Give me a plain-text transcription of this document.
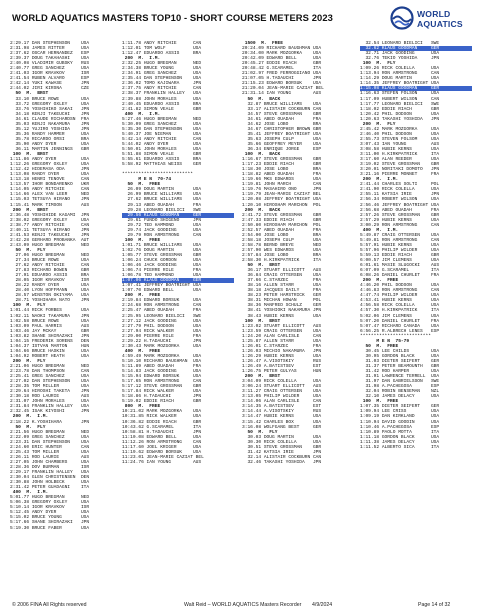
WORLD AQUATICS MASTERS TOP10 - SHORT COURSE METERS 2023	WORLD
AQUATICS
2:29.17 DAN STEPHENSON    USA
2:31.98 JAMES RITTER      USA
2:37.62 OSCAR HERNANDEZ   ESP
2:39.37 DOUG TAKAHASHI    USA
2:40.08 VLADIMIR GUBSKY   RUS
2:40.77 GREG SANCHEZ      USA
2:41.03 IGOR KRAVKOV      ISR
2:41.54 RUBEN ALVARO      ESP
2:42.14 YUKI KAWASE       JPN
2:44.02 JIRI KIRSNA       CZE
50  M.  BRST
33.10 BRUCE ROWE        USA
33.72 GREGORY OXLEY     USA
33.76 YOSHIHIKO SAKAI   JPN
34.18 KENJI TAKEUCHI    JPN
34.61 CLAUDE RICHARDSN  FRA
35.03 KENJI NAKAMURA    JPN
35.12 YUJIRO YOSHIDA    JPN
35.36 RANDY HAMMER      USA
35.78 RICARDO ORSI      BRA
35.90 ANDY DYER         USA
36.11 MARTIN JENNINGS   GBR
100  M.  BRST
1:11.86 ANDY DYER         USA
1:12.26 GREGORY OXLEY     USA
1:12.42 HIDEMASA ODA      JPN
1:13.08 RANDY DYER        USA
1:13.18 HENRI TENOVE      CAN
1:13.57 IHOR BONDARENKO   UKR
1:14.05 ANDY RITCHIE      CAN
1:14.66 ALEX VAN LEER     NED
1:15.03 TETSUYA HIRANO    JPN
1:15.41 MARK TIMSON       AUS
200  M.  BRST
2:36.48 YOSHIHIDE KAGAMI  JPN
2:38.02 GREGORY OXLEY     USA
2:38.77 ANDY RITCHIE      CAN
2:40.11 TETSUYA HIRANO    JPN
2:41.53 KENJI TAKEUCHI    JPN
2:42.28 GERHARD PROBANKA  AUT
2:43.09 HUGO BREGMAN      NED
50  M.  FLY
27.06 HUGO BREGMAN      NED
27.34 BRUCE ROWE        USA
27.62 ANDY RITCHIE      CAN
27.83 RICHARD BOWEN     GBR
27.91 EDUARDO ASSIS     BRA
28.05 IGOR KRAVKOV      ISR
28.22 RANDY DYER        USA
28.40 LYON HOFFMANN     USA
28.57 WINSTON OKIYAMA   USA
28.71 YOSHIHARA NATO    JPN
100  M.  FLY
1:01.44 RICK FORBES       USA
1:02.11 NAOKI TAKAMURA    JPN
1:02.58 BRUCE ROWE        USA
1:03.09 PAUL HARRIS       AUS
1:03.46 JAY MCKAY         GBR
1:03.82 SHANE SHIRAZAKI   JPN
1:04.15 FREDERIK SORENS   DEN
1:04.37 ISTVAN MARTON     HUN
1:04.66 BRUCE HASKIN      USA
1:04.92 ROBERT HEATH      USA
200  M.  FLY
2:21.06 HUGO BREGMAN      NED
2:23.78 DAN THOMPSON      CAN
2:25.41 GREG SANCHEZ      USA
2:27.02 DAN STEPHENSON    USA
2:28.35 TOM MILLER        USA
2:29.64 HIROSHI TAKETA    JPN
2:30.18 ROD LAURIE        AUS
2:31.07 JOHN MORALES      USA
2:31.84 FRANKLIN HALLEY   USA
2:32.45 ISAK KIYOSHI      JPN
200  M.  I.M.
2:18.22 K.YOSHIHARA       JPN
50  M.  FLY
2:21.56 HUGO BREGMAN      NED
2:22.09 GREG SANCHEZ      USA
2:23.31 DAN STEPHENSON    USA
2:24.60 ERIC HUNTER       CAN
2:25.43 TOM MILLER        USA
2:26.11 ROD LAURIE        AUS
2:27.05 JOHN CHAMBERS     USA
2:28.36 DOV BURMAN        ISR
2:29.17 FRANKLIN HALLEY   USA
2:30.04 GLEN CHRISTENSEN  DEN
2:30.88 JOHN HOLBECK      USA
2:31.42 PETER GUADAGNI    ITA
400  M.  I.M.
5:01.77 HUGO BREGMAN      NED
5:06.38 GREGORY OXLEY     USA
5:10.14 IGOR KRAVKOV      ISR
5:12.45 ANDY DYER         USA
5:15.02 BRUCE YOUNG       USA
5:17.66 SHANE SHIRAZAKI   JPN
5:19.30 BRUCE FABER       USA
1:11.78 ANDY RITCHIE      CAN
1:12.01 TOM WOLF          USA
1:12.47 EDUARDO ASSIS     BRA
200  M.  I.M.
2:32.25 HUGO BREGMAN      NED
2:34.38 BRUCE YOUNG       USA
2:34.91 GREG SANCHEZ      USA
2:35.44 DAN STEPHENSON    USA
2:36.02 TOMO KAJIWARA     JPN
2:37.75 ANDY RITCHIE      CAN
2:38.37 FRANKLIN HALLEY   USA
2:39.88 JOHN MORALES      USA
2:40.45 EDUARDO ASSIS     BRA
2:41.82 SIMON VEALE       GBR
400  M.  I.M.
5:27.46 HUGO BREGMAN      NED
5:30.09 GREG SANCHEZ      USA
5:35.30 DAN STEPHENSON    USA
5:40.37 JOE NIEMAN        USA
5:42.14 ANDY RITCHIE      CAN
5:44.02 ANDY DYER         USA
5:50.01 JOHN MORALES      USA
5:51.88 SIMON VEALE       GBR
5:55.61 EDUARDO ASSIS     BRA
5:58.92 MATTHIAS WEISS    GER
**************************
M E N  70-74
50  M.  FREE
26.09 DOUG MARTIN       USA
26.99 BRUCE WILLIAMS    USA
27.62 BRUCE WILLIAMS    USA
29.13 ABED OUADAH       FRA
29.28 LEONARD BIELICI   SWE
29.56 KLAUS GOODMAN     GER
29.61 FUNDO SHIGENO     JPN
29.72 TED HAMMOND       USA
29.74 JACK GOODING      USA
29.79 RON ARMSTRONG     CAN
100  M.  FREE
1:01.71 BRUCE WILLIAMS    USA
1:02.76 DOUG MARTIN       USA
1:05.77 STEVE GROSSMAN    GBR
1:06.24 CHUCK GORDON      USA
1:06.46 JACK GOODING      USA
1:06.74 PIERRE RILE       FRA
1:06.78 TED HAMMOND       USA
1:07.06 KLAUS GOODMAN     GER
1:07.41 JEFFREY BOATRIGHT USA
1:07.70 EDWARD BELL       USA
200  M.  FREE
2:19.84 EDWARD BORSUK     USA
2:24.68 RON ARMSTRONG     CAN
2:25.47 ABED OUADAH       FRA
2:25.95 LEONARD BIELICI   SWE
2:27.12 JACK GOODING      USA
2:27.79 PHIL DODSON       USA
2:27.94 RICK WALKER       USA
2:29.00 PIERRE RILE       FRA
2:29.22 H.TADAUCHI        JPN
2:30.43 MARK MOZGORKA     USA
400  M.  FREE
4:59.49 MARK MOZGORKA     USA
5:10.10 RICHARD BAUGHMAN  USA
5:11.89 ABED OUADAH       FRA
5:14.83 JACK GOODING      USA
5:15.94 EDWARD BORSUK     USA
5:17.65 RON ARMSTRONG     CAN
5:17.12 STEVE GROSSMAN    GBR
5:17.84 RICK WALKER       USA
5:18.86 H.TADAUCHI        JPN
5:19.02 EDDIE RIACH       GBR
800  M.  FREE
10:21.02 MARK MOZGORKA    USA
10:31.85 RICK WALKER      USA
10:36.82 EDDIE RIACH      GBR
10:43.62 G.SCARAMEL       ITA
10:58.81 H.TADAUCHI       JPN
11:10.08 EDWARD BELL      USA
11:12.26 RON ARMSTRONG    CAN
11:17.60 JOEL KRIGER      USA
11:19.62 EDWARD BORSUK    USA
11:23.01 JEAN-MARIE CAZIAT BEL
11:24.76 IAN YOUNG        AUS
1500  M.  FREE
20:24.09 RICHARD BAUGHMAN USA
20:34.00 MARK MOZGORKA    USA
20:42.09 EDWARD BELL      USA
20:45.27 EDDIE RIACH      GBR
20:48.42 G.SCARAMEL       ITA
21:02.97 FRED FERROGGIANO USA
21:07.05 H.TADAUCHI       JPN
21:15.23 EDWARD BORSUK    USA
21:20.04 JEAN-MARIE CAZIAT BEL
21:31.14 IAN YOUNG        AUS
50  M.  BACK
32.87 BRUCE WILLIAMS    USA
33.17 ALISTAIR COCKBURN CAN
34.57 STEVE GROSSMAN    GBR
34.61 ABED OUADAH       FRA
34.62 JOSE LOBO         BRA
34.67 CHRISTOPHER BROWN GBR
35.41 JEFFREY BOATRIGHT USA
35.63 JOSEPH CULP       USA
35.66 GEOFFREY MEYER    USA
36.34 ENRIQUE JORGE     ESP
100  M.  BACK
1:16.67 STEVE GROSSMAN    GBR
1:17.23 EDDIE RIACH       GBR
1:18.30 JOSE LOBO         BRA
1:18.82 ABED OUADAH       FRA
1:19.66 MKS EDWARDS       USA
1:19.81 JOHN MARCH        CAN
1:19.76 MASAHIRO ONO      JPN
1:19.79 JEAN-MARIE CAZIAT BEL
1:20.08 JEFFREY BOATRIGHT USA
1:20.10 HIROSHAM MARCHON  POL
200  M.  BACK
2:41.72 STEVE GROSSMAN    GBR
2:47.33 EDDIE RIACH       GBR
2:50.80 HIROSHAM MARCHON  POL
2:52.57 ABED OUADAH       FRA
2:54.00 JOSE LOBO         BRA
2:58.18 JOSEPH CULP       USA
2:58.78 BERND BREYE       NED
2:57.90 WES EDWARDS       USA
2:57.84 JOSE LOBO         BRA
2:58.30 H.KIRKPATRICK     ITA
50  M.  BRST
36.17 STUART ELLICOTT   AUS
36.84 CRAIG OTTERSEN    USA
37.66 C.STARZEC         FRA
38.16 ALLEN STARR       USA
38.18 JACQUES DAILY     FRA
38.23 PETER HAMSTRICK   GER
38.31 MICHAN HOWAN      POL
38.36 MANFRED SCHULZ    GER
38.41 YOSHIOKI NAKAMURA JPN
38.43 HUBIE KERNS       USA
100  M.  BRST
1:23.02 STUART ELLICOTT   AUS
1:23.59 CRAIG OTTERSEN    USA
1:24.20 ALAN CARLISLE     CAN
1:25.87 ALLEN STARR       USA
1:26.01 C.STARZEC         FRA
1:26.03 MICHIO NAKAMURA   JPN
1:26.29 HUBIE KERNS       USA
1:26.47 A.VISOTSKIY       RUS
1:26.49 A.BATISTSEV       EST
1:26.75 PETER GULYAS      HUN
200  M.  BRST
3:04.09 RICK COLELLA      USA
3:06.24 STUART ELLICOTT   AUS
3:11.27 CRAIG OTTERSEN    USA
3:13.05 PHILIP WILDER     USA
3:14.06 ALAN CARLISLE     CAN
3:14.35 A.BATISTSEV       EST
3:14.44 A.VISOTSKIY       RUS
3:14.47 HUBIE KERNS       USA
3:15.42 CHARLES BOX       USA
3:16.08 WOLFGANG BEST     GER
50  M.  FLY
30.03 DOUG MARTIN       USA
30.30 RICK COLELLA      USA
30.51 STEVE GROSSMAN    GBR
31.42 KATSIA IRIE       JPN
32.14 ALISTAIR COCKBURN CAN
32.46 TAKASHI YOSHIDA   JPN
32.54 LEONARD BIELICI   SWE
32.62 KLAUS GOODMAN     GER
32.71 JACK GOODING      USA
32.76 TEKIO YOSHIDA     JPN
100  M.  FLY
1:09.26 RICK COLELLA      USA
1:13.94 RON ARMSTRONG     CAN
1:14.29 DOUG MARTIN       USA
1:14.35 JEFFREY BOATRIGHT USA
1:15.08 KLAUS GOODMAN     GER
1:16.63 STEFEN FOLSON     USA
1:17.09 HUBERT WILSON     CAN
1:17.77 LEONARD BIELICI   SWE
1:18.02 EDDIE RIACH       GBR
1:20.42 PHIL DODSON       USA
1:20.63 TAKASHI YOSHIDA   JPN
200  M.  FLY
2:45.42 MARK MOZGORKA     USA
2:46.40 PHIL DODSON       USA
2:55.73 STEVEN FOLSOM     USA
3:07.43 IAN YOUNG         AUS
3:08.58 HUBIE KERNS       USA
3:11.00 H.KIRKPATRICK     ITA
3:17.60 ALAN REEDER       USA
3:19.02 STEVE GROSSMAN    GBR
3:20.01 NORITAKI DOMOTO   JPN
3:21.16 PIERRE MONNET     FRA
200  M.  I.M.
2:41.44 CHARLES SOLTI     POL
2:41.90 RICK COLELLA      USA
2:55.11 KATSIA IRIE       JPN
2:56.34 ROBERT WILSON     USA
2:56.46 JEFFREY BOATRIGHT USA
2:56.68 ABED OUADAH       FRA
2:57.26 STEVE GROSSMAN    GBR
2:57.29 HUBIE KERNS       USA
3:00.29 RON ARMSTRONG     CAN
400  M.  I.M.
5:49.87 CRAIG OTTERSEN    USA
5:49.81 RON ARMSTRONG     CAN
5:57.91 HUBIE KERNS       USA
5:57.96 PHILIP WILDER     USA
5:59.13 EDDIE RIACH       GBR
6:00.57 JIM CLEMENS       USA
6:01.61 MASIE SLUGOCKI    AUS
6:07.09 G.SCARAMEL        ITA
6:08.26 DANIEL CHURLET    FRA
200  M.  FREE
4:46.20 PHIL DODSON       USA
4:46.83 RON ARMSTRONG     CAN
4:47.74 PHILIP WILDER     USA
4:53.41 HUBIE KERNS       USA
4:56.58 RICK COLELLA      USA
4:57.30 H.KIRKPATRICK     ITA
5:02.06 JIM CLEMENS       USA
5:07.20 DANIEL CHURLET    FRA
5:07.47 RICHARD CANADA    USA
6:56.25 R.ALBRECH LENES   ESP
**************************
M E N  75-79
50  M.  FREE
30.45 LEE CHILDS        USA
30.95 GORDON BLACK      USA
31.03 DIETER SEIFERT    GER
31.37 PETER BEAMOUNTH   GBR
31.42 ROD HARPER        USA
31.91 LAWRENCE TERRELL  USA
31.97 DAN GABRIELSSON   SWE
31.98 A.PACHEGOSA       ESP
32.04 ROBIN BENSEMAN    NZL
32.10 JAMES DELACY      USA
100  M.  FREE
1:07.35 DIETER SEIFERT    GER
1:09.94 LEE CRISS         USA
1:09.19 DAN KIRKLAND      USA
1:10.94 DAVID GOODIN      USA
1:10.46 A.PACHEGOSA       ESP
1:10.89 PAOLO MOTTA       ITA
1:11.18 GORDON BLACK      USA
1:11.38 JAMES DELACY      USA
1:11.52 ALBERTO SICA      ITA
© 2006 FINA All Rights reserved	Walt Reid – WORLD AQUATICS Masters Recorder 4/9/2024	Page 14 of 32
